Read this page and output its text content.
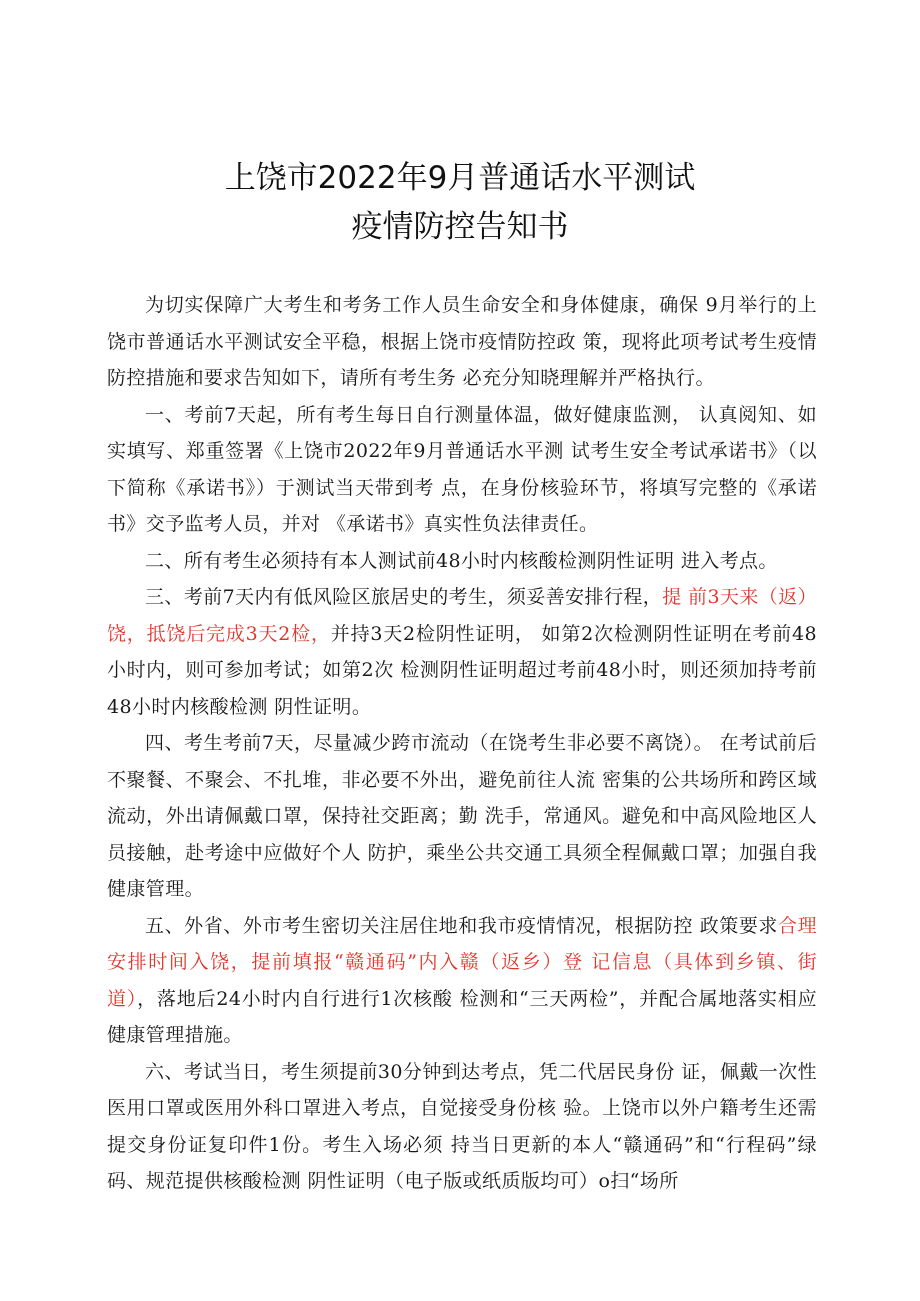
上饶市2022年9月普通话水平测试
疫情防控告知书

为切实保障广大考生和考务工作人员生命安全和身体健康，确保 9月举行的上饶市普通话水平测试安全平稳，根据上饶市疫情防控政 策，现将此项考试考生疫情防控措施和要求告知如下，请所有考生务 必充分知晓理解并严格执行。

一、考前7天起，所有考生每日自行测量体温，做好健康监测， 认真阅知、如实填写、郑重签署《上饶市2022年9月普通话水平测 试考生安全考试承诺书》（以下简称《承诺书》）于测试当天带到考 点，在身份核验环节，将填写完整的《承诺书》交予监考人员，并对 《承诺书》真实性负法律责任。

二、所有考生必须持有本人测试前48小时内核酸检测阴性证明 进入考点。

三、考前7天内有低风险区旅居史的考生，须妥善安排行程，提 前3天来（返）饶，抵饶后完成3天2检，并持3天2检阴性证明， 如第2次检测阴性证明在考前48小时内，则可参加考试；如第2次 检测阴性证明超过考前48小时，则还须加持考前48小时内核酸检测 阴性证明。

四、考生考前7天，尽量减少跨市流动（在饶考生非必要不离饶）。 在考试前后不聚餐、不聚会、不扎堆，非必要不外出，避免前往人流 密集的公共场所和跨区域流动，外出请佩戴口罩，保持社交距离；勤 洗手，常通风。避免和中高风险地区人员接触，赴考途中应做好个人 防护，乘坐公共交通工具须全程佩戴口罩；加强自我健康管理。

五、外省、外市考生密切关注居住地和我市疫情情况，根据防控 政策要求合理安排时间入饶，提前填报“赣通码”内入赣（返乡）登 记信息（具体到乡镇、街道），落地后24小时内自行进行1次核酸 检测和“三天两检”，并配合属地落实相应健康管理措施。

六、考试当日，考生须提前30分钟到达考点，凭二代居民身份 证，佩戴一次性医用口罩或医用外科口罩进入考点，自觉接受身份核 验。上饶市以外户籍考生还需提交身份证复印件1份。考生入场必须 持当日更新的本人“赣通码”和“行程码”绿码、规范提供核酸检测 阴性证明（电子版或纸质版均可）o扫“场所
